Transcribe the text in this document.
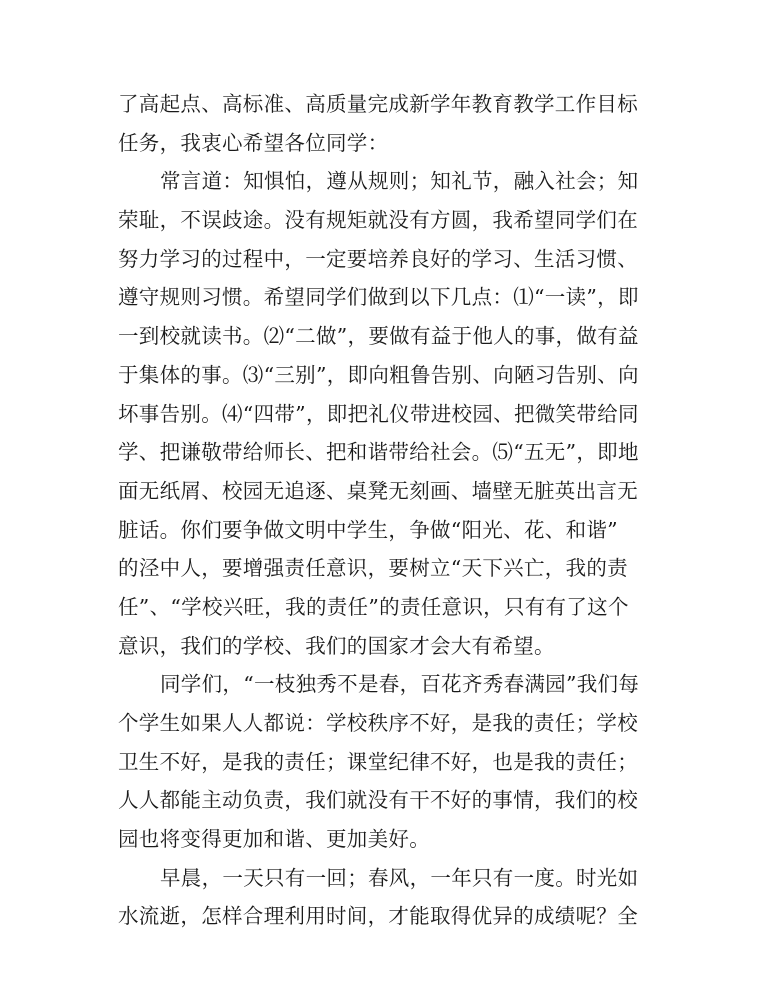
了高起点、高标准、高质量完成新学年教育教学工作目标
任务，我衷心希望各位同学：
常言道：知惧怕，遵从规则；知礼节，融入社会；知
荣耻，不误歧途。没有规矩就没有方圆，我希望同学们在
努力学习的过程中，一定要培养良好的学习、生活习惯、
遵守规则习惯。希望同学们做到以下几点：⑴“一读”，即
一到校就读书。⑵“二做”，要做有益于他人的事，做有益
于集体的事。⑶“三别”，即向粗鲁告别、向陋习告别、向
坏事告别。⑷“四带”，即把礼仪带进校园、把微笑带给同
学、把谦敬带给师长、把和谐带给社会。⑸“五无”，即地
面无纸屑、校园无追逐、桌凳无刻画、墙壁无脏英出言无
脏话。你们要争做文明中学生，争做“阳光、花、和谐”
的泾中人，要增强责任意识，要树立“天下兴亡，我的责
任”、“学校兴旺，我的责任”的责任意识，只有有了这个
意识，我们的学校、我们的国家才会大有希望。
同学们，“一枝独秀不是春，百花齐秀春满园”我们每
个学生如果人人都说：学校秩序不好，是我的责任；学校
卫生不好，是我的责任；课堂纪律不好，也是我的责任；
人人都能主动负责，我们就没有干不好的事情，我们的校
园也将变得更加和谐、更加美好。
早晨，一天只有一回；春风，一年只有一度。时光如
水流逝，怎样合理利用时间，才能取得优异的成绩呢？全
